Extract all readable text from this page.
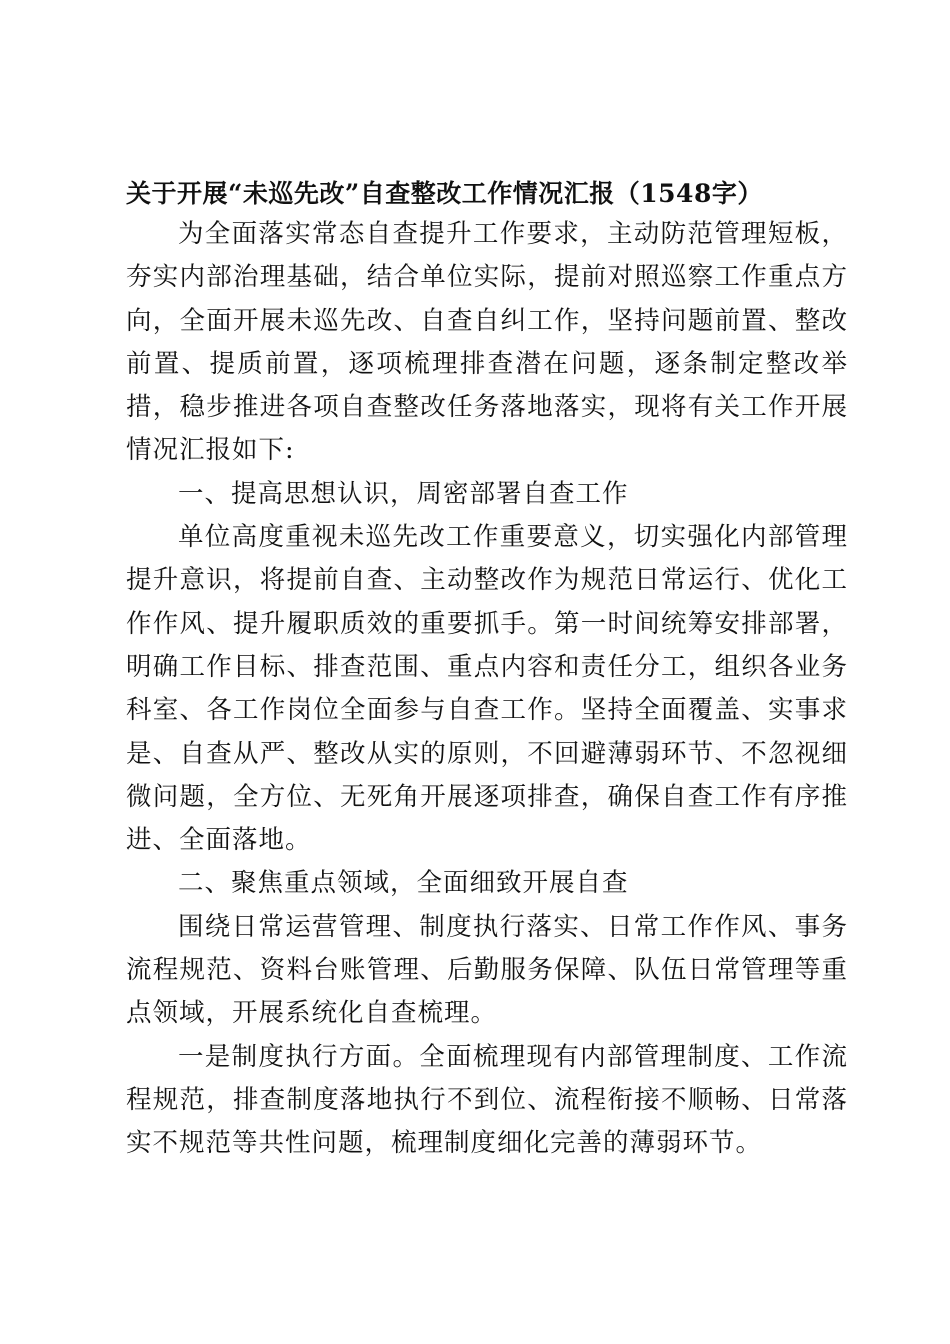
关于开展“未巡先改”自查整改工作情况汇报（1548字）

为全面落实常态自查提升工作要求，主动防范管理短板，夯实内部治理基础，结合单位实际，提前对照巡察工作重点方向，全面开展未巡先改、自查自纠工作，坚持问题前置、整改前置、提质前置，逐项梳理排查潜在问题，逐条制定整改举措，稳步推进各项自查整改任务落地落实，现将有关工作开展情况汇报如下:

一、提高思想认识，周密部署自查工作

单位高度重视未巡先改工作重要意义，切实强化内部管理提升意识，将提前自查、主动整改作为规范日常运行、优化工作作风、提升履职质效的重要抓手。第一时间统筹安排部署，明确工作目标、排查范围、重点内容和责任分工，组织各业务科室、各工作岗位全面参与自查工作。坚持全面覆盖、实事求是、自查从严、整改从实的原则，不回避薄弱环节、不忽视细微问题，全方位、无死角开展逐项排查，确保自查工作有序推进、全面落地。

二、聚焦重点领域，全面细致开展自查

围绕日常运营管理、制度执行落实、日常工作作风、事务流程规范、资料台账管理、后勤服务保障、队伍日常管理等重点领域，开展系统化自查梳理。

一是制度执行方面。全面梳理现有内部管理制度、工作流程规范，排查制度落地执行不到位、流程衔接不顺畅、日常落实不规范等共性问题，梳理制度细化完善的薄弱环节。
